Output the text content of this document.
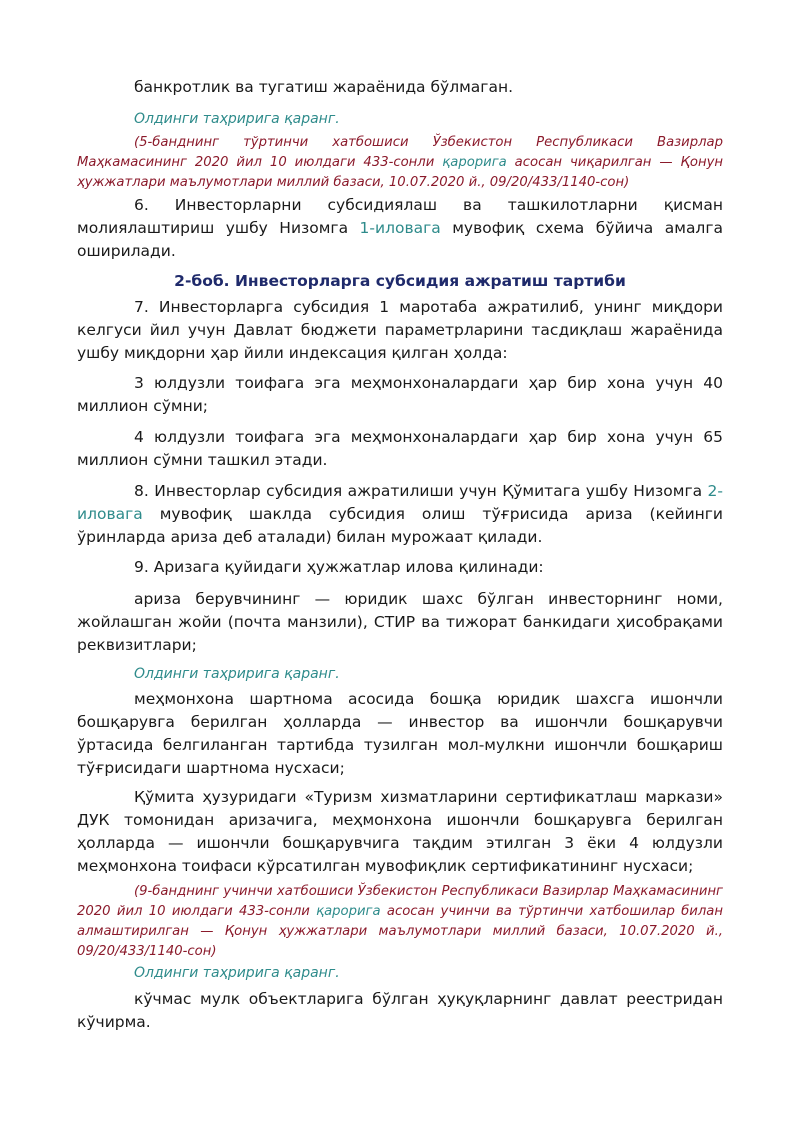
банкротлик ва тугатиш жараёнида бўлмаган.
Олдинги таҳририга қаранг.
(5-банднинг тўртинчи хатбошиси Ўзбекистон Республикаси Вазирлар Маҳкамасининг 2020 йил 10 июлдаги 433-сонли қарорига асосан чиқарилган — Қонун ҳужжатлари маълумотлари миллий базаси, 10.07.2020 й., 09/20/433/1140-сон)
6. Инвесторларни субсидиялаш ва ташкилотларни қисман молиялаштириш ушбу Низомга 1-иловага мувофиқ схема бўйича амалга оширилади.
2-боб. Инвесторларга субсидия ажратиш тартиби
7. Инвесторларга субсидия 1 маротаба ажратилиб, унинг миқдори келгуси йил учун Давлат бюджети параметрларини тасдиқлаш жараёнида ушбу миқдорни ҳар йили индексация қилган ҳолда:
3 юлдузли тоифага эга меҳмонхоналардаги ҳар бир хона учун 40 миллион сўмни;
4 юлдузли тоифага эга меҳмонхоналардаги ҳар бир хона учун 65 миллион сўмни ташкил этади.
8. Инвесторлар субсидия ажратилиши учун Қўмитага ушбу Низомга 2-иловага мувофиқ шаклда субсидия олиш тўғрисида ариза (кейинги ўринларда ариза деб аталади) билан мурожаат қилади.
9. Аризага қуйидаги ҳужжатлар илова қилинади:
ариза берувчининг — юридик шахс бўлган инвесторнинг номи, жойлашган жойи (почта манзили), СТИР ва тижорат банкидаги ҳисобрақами реквизитлари;
Олдинги таҳририга қаранг.
меҳмонхона шартнома асосида бошқа юридик шахсга ишончли бошқарувга берилган ҳолларда — инвестор ва ишончли бошқарувчи ўртасида белгиланган тартибда тузилган мол-мулкни ишончли бошқариш тўғрисидаги шартнома нусхаси;
Қўмита ҳузуридаги «Туризм хизматларини сертификатлаш маркази» ДУК томонидан аризачига, меҳмонхона ишончли бошқарувга берилган ҳолларда — ишончли бошқарувчига тақдим этилган 3 ёки 4 юлдузли меҳмонхона тоифаси кўрсатилган мувофиқлик сертификатининг нусхаси;
(9-банднинг учинчи хатбошиси Ўзбекистон Республикаси Вазирлар Маҳкамасининг 2020 йил 10 июлдаги 433-сонли қарорига асосан учинчи ва тўртинчи хатбошилар билан алмаштирилган — Қонун ҳужжатлари маълумотлари миллий базаси, 10.07.2020 й., 09/20/433/1140-сон)
Олдинги таҳририга қаранг.
кўчмас мулк объектларига бўлган ҳуқуқларнинг давлат реестридан кўчирма.
